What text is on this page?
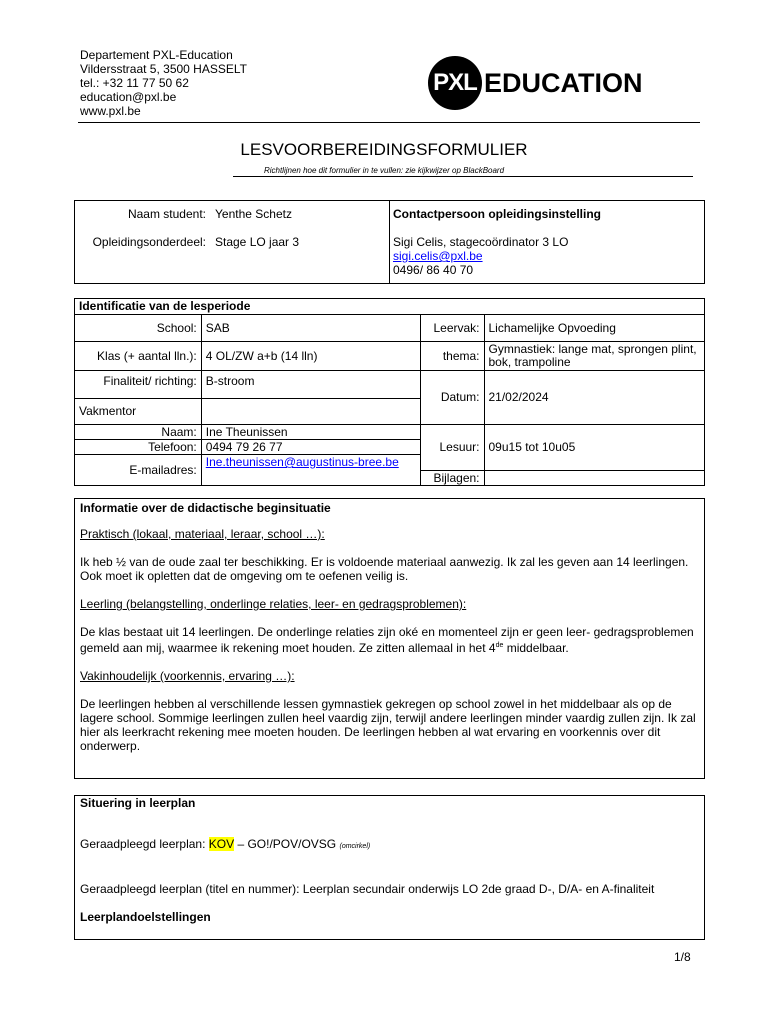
Departement PXL-Education
Vildersstraat 5, 3500 HASSELT
tel.: +32 11 77 50 62
education@pxl.be
www.pxl.be
PXL EDUCATION
LESVOORBEREIDINGSFORMULIER
Richtlijnen hoe dit formulier in te vullen: zie kijkwijzer op BlackBoard
Naam student: Yenthe Schetz
Opleidingsonderdeel: Stage LO jaar 3
Contactpersoon opleidingsinstelling
Sigi Celis, stagecoördinator 3 LO
sigi.celis@pxl.be
0496/ 86 40 70
Identificatie van de lesperiode			
School:	SAB	Leervak:	Lichamelijke Opvoeding
Klas (+ aantal lln.):	4 OL/ZW a+b (14 lln)	thema:	Gymnastiek: lange mat, sprongen plint, bok, trampoline
Finaliteit/ richting:	B-stroom	Datum:	21/02/2024
Vakmentor			
Naam:	Ine Theunissen	Lesuur:	09u15 tot 10u05
Telefoon:	0494 79 26 77		
E-mailadres:	Ine.theunissen@augustinus-bree.be		
		Bijlagen:	
Informatie over de didactische beginsituatie

Praktisch (lokaal, materiaal, leraar, school …):

Ik heb ½ van de oude zaal ter beschikking. Er is voldoende materiaal aanwezig. Ik zal les geven aan 14 leerlingen. Ook moet ik opletten dat de omgeving om te oefenen veilig is.

Leerling (belangstelling, onderlinge relaties, leer- en gedragsproblemen):

De klas bestaat uit 14 leerlingen. De onderlinge relaties zijn oké en momenteel zijn er geen leer- gedragsproblemen gemeld aan mij, waarmee ik rekening moet houden. Ze zitten allemaal in het 4de middelbaar.

Vakinhoudelijk (voorkennis, ervaring …):

De leerlingen hebben al verschillende lessen gymnastiek gekregen op school zowel in het middelbaar als op de lagere school. Sommige leerlingen zullen heel vaardig zijn, terwijl andere leerlingen minder vaardig zullen zijn. Ik zal hier als leerkracht rekening mee moeten houden. De leerlingen hebben al wat ervaring en voorkennis over dit onderwerp.

Situering in leerplan

Geraadpleegd leerplan: KOV – GO!/POV/OVSG (omcirkel)

Geraadpleegd leerplan (titel en nummer): Leerplan secundair onderwijs LO 2de graad D-, D/A- en A-finaliteit

Leerplandoelstellingen

1/8
